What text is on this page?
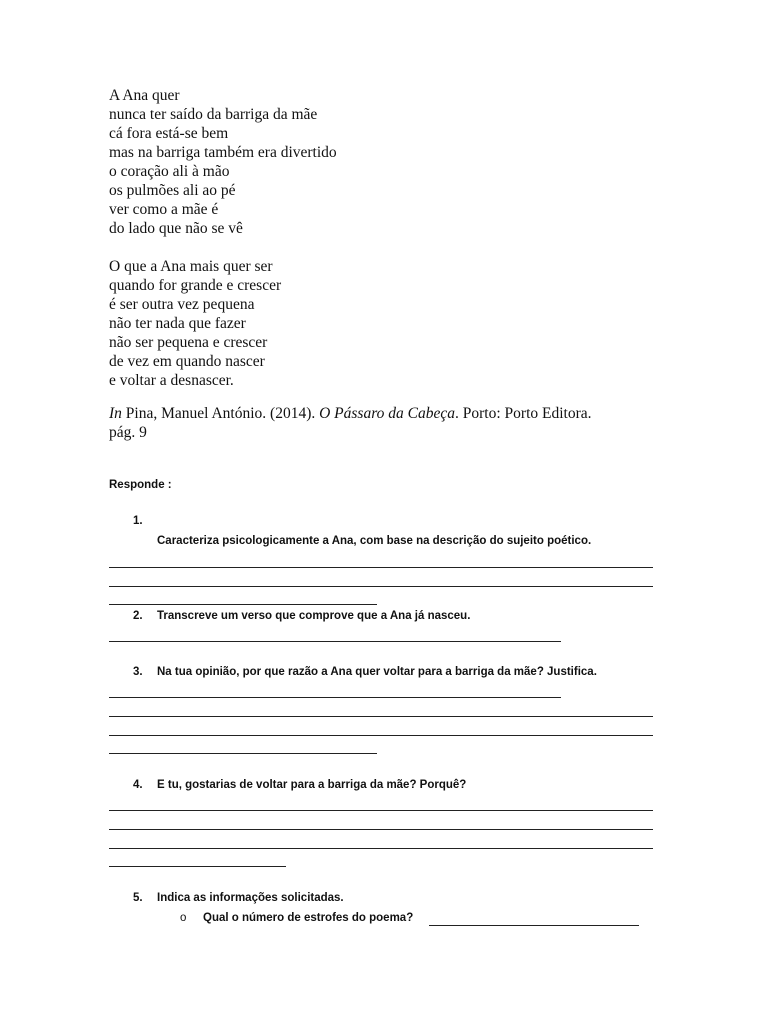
A Ana quer
nunca ter saído da barriga da mãe
cá fora está-se bem
mas na barriga também era divertido
o coração ali à mão
os pulmões ali ao pé
ver como a mãe é
do lado que não se vê
O que a Ana mais quer ser
quando for grande e crescer
é ser outra vez pequena
não ter nada que fazer
não ser pequena e crescer
de vez em quando nascer
e voltar a desnascer.
In Pina, Manuel António. (2014). O Pássaro da Cabeça. Porto: Porto Editora.
pág. 9
Responde :
1.
Caracteriza psicologicamente a Ana, com base na descrição do sujeito poético.
2. Transcreve um verso que comprove que a Ana já nasceu.
3. Na tua opinião, por que razão a Ana quer voltar para a barriga da mãe? Justifica.
4. E tu, gostarias de voltar para a barriga da mãe? Porquê?
5. Indica as informações solicitadas.
o Qual o número de estrofes do poema?
